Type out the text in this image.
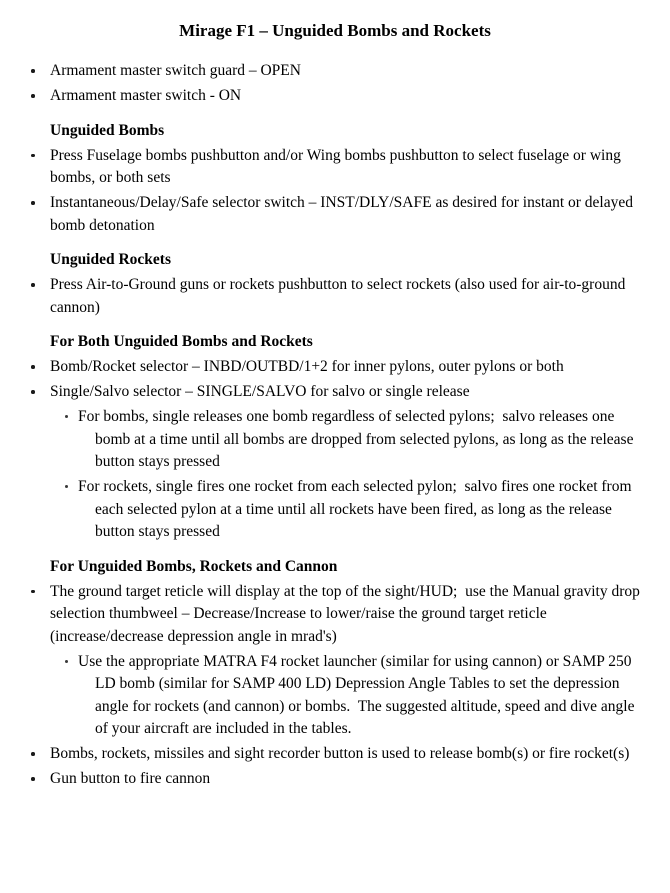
Mirage F1 – Unguided Bombs and Rockets
Armament master switch guard – OPEN
Armament master switch - ON
Unguided Bombs
Press Fuselage bombs pushbutton and/or Wing bombs pushbutton to select fuselage or wing bombs, or both sets
Instantaneous/Delay/Safe selector switch – INST/DLY/SAFE as desired for instant or delayed bomb detonation
Unguided Rockets
Press Air-to-Ground guns or rockets pushbutton to select rockets (also used for air-to-ground cannon)
For Both Unguided Bombs and Rockets
Bomb/Rocket selector – INBD/OUTBD/1+2 for inner pylons, outer pylons or both
Single/Salvo selector – SINGLE/SALVO for salvo or single release
For bombs, single releases one bomb regardless of selected pylons;  salvo releases one bomb at a time until all bombs are dropped from selected pylons, as long as the release button stays pressed
For rockets, single fires one rocket from each selected pylon;  salvo fires one rocket from each selected pylon at a time until all rockets have been fired, as long as the release button stays pressed
For Unguided Bombs, Rockets and Cannon
The ground target reticle will display at the top of the sight/HUD;  use the Manual gravity drop selection thumbweel – Decrease/Increase to lower/raise the ground target reticle (increase/decrease depression angle in mrad's)
Use the appropriate MATRA F4 rocket launcher (similar for using cannon) or SAMP 250 LD bomb (similar for SAMP 400 LD) Depression Angle Tables to set the depression angle for rockets (and cannon) or bombs.  The suggested altitude, speed and dive angle of your aircraft are included in the tables.
Bombs, rockets, missiles and sight recorder button is used to release bomb(s) or fire rocket(s)
Gun button to fire cannon
